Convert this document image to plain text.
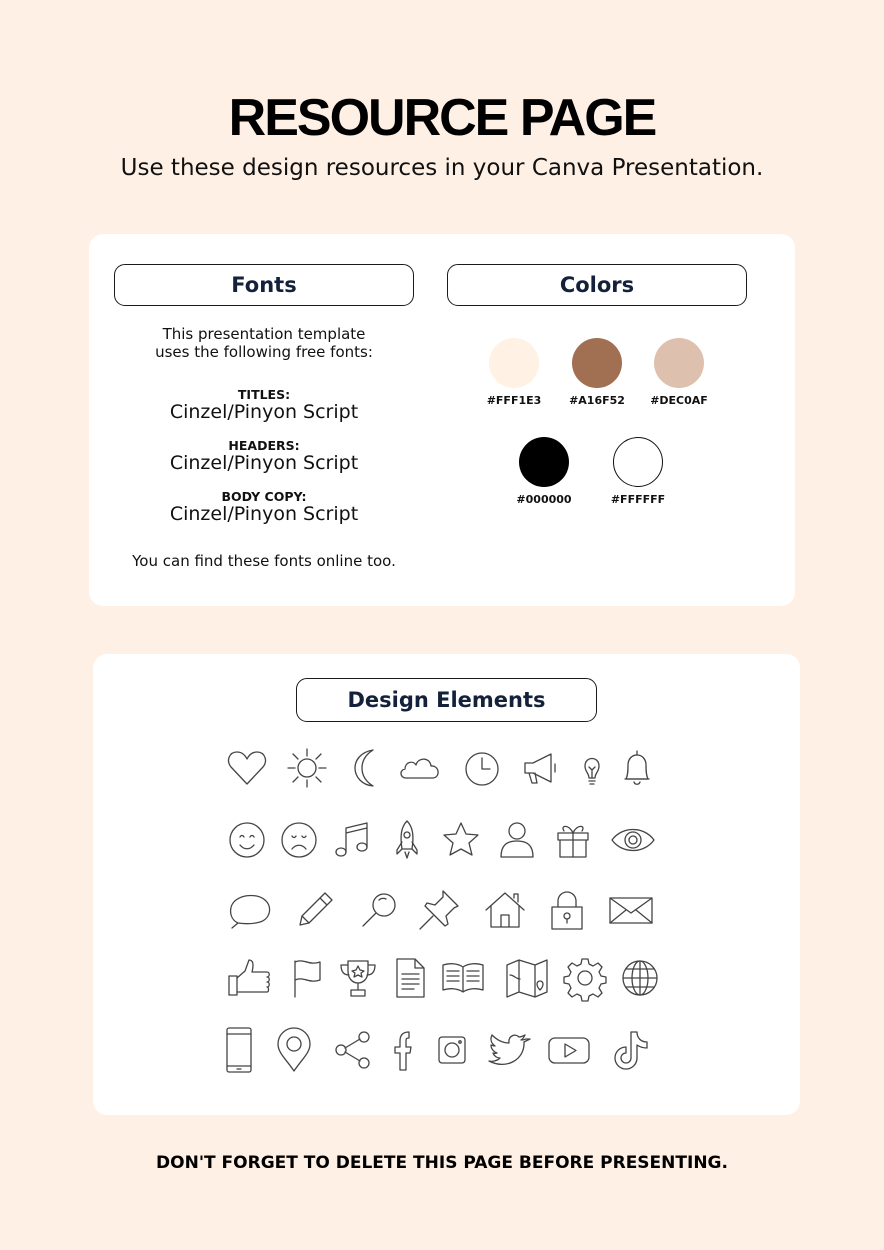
RESOURCE PAGE
Use these design resources in your Canva Presentation.
Fonts	Colors
This presentation template
uses the following free fonts:
TITLES:
Cinzel/Pinyon Script
HEADERS:
Cinzel/Pinyon Script
BODY COPY:
Cinzel/Pinyon Script
You can find these fonts online too.
#FFF1E3	#A16F52	#DEC0AF
#000000	#FFFFFF
Design Elements
DON'T FORGET TO DELETE THIS PAGE BEFORE PRESENTING.
